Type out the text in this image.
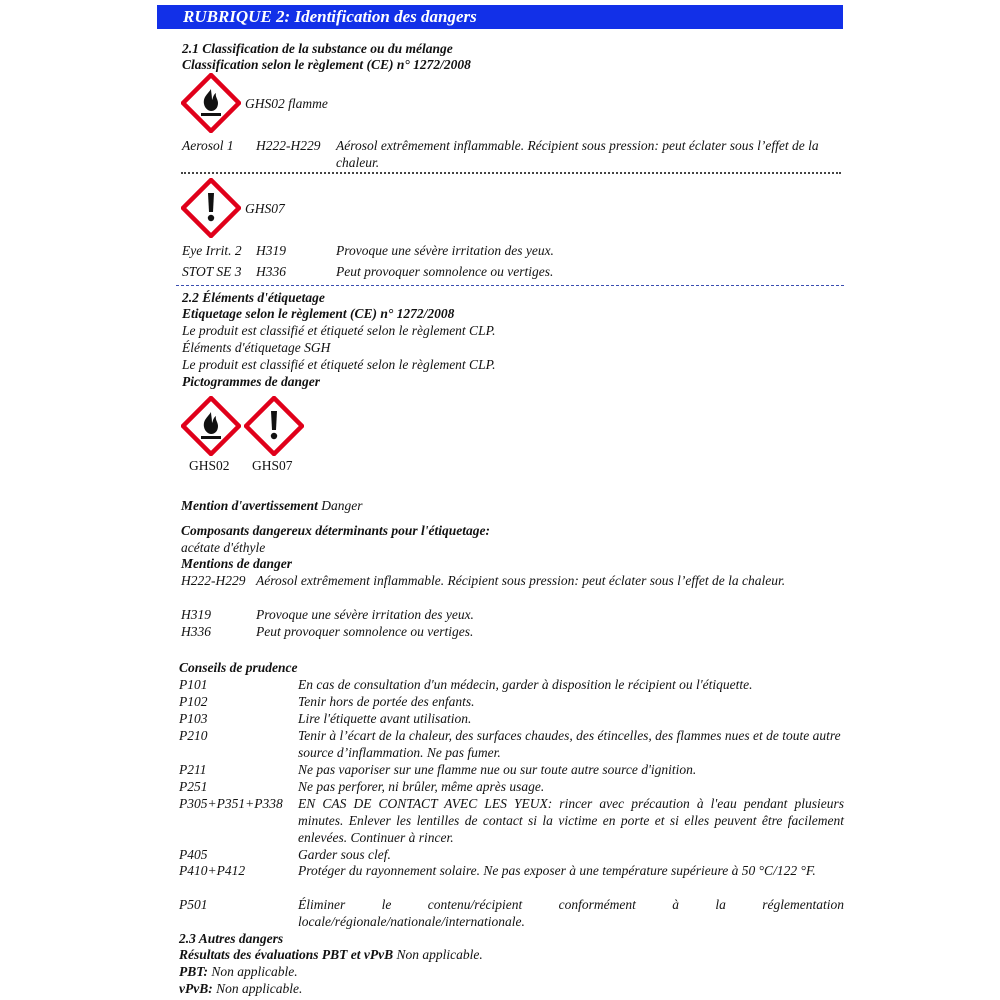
RUBRIQUE 2: Identification des dangers
2.1 Classification de la substance ou du mélange
Classification selon le règlement (CE) n° 1272/2008
GHS02 flamme
Aerosol 1 H222-H229 Aérosol extrêmement inflammable. Récipient sous pression: peut éclater sous l’effet de la chaleur.
GHS07
Eye Irrit. 2 H319	Provoque une sévère irritation des yeux.
STOT SE 3 H336	Peut provoquer somnolence ou vertiges.
2.2 Éléments d'étiquetage
Etiquetage selon le règlement (CE) n° 1272/2008
Le produit est classifié et étiqueté selon le règlement CLP.
Éléments d'étiquetage SGH
Le produit est classifié et étiqueté selon le règlement CLP.
Pictogrammes de danger
GHS02 GHS07
Mention d'avertissement Danger
Composants dangereux déterminants pour l'étiquetage:
acétate d'éthyle
Mentions de danger
H222-H229 Aérosol extrêmement inflammable. Récipient sous pression: peut éclater sous l’effet de la chaleur.
H319	Provoque une sévère irritation des yeux.
H336	Peut provoquer somnolence ou vertiges.
Conseils de prudence
P101	En cas de consultation d'un médecin, garder à disposition le récipient ou l'étiquette.
P102	Tenir hors de portée des enfants.
P103	Lire l'étiquette avant utilisation.
P210	Tenir à l’écart de la chaleur, des surfaces chaudes, des étincelles, des flammes nues et de toute autre source d’inflammation. Ne pas fumer.
P211	Ne pas vaporiser sur une flamme nue ou sur toute autre source d'ignition.
P251	Ne pas perforer, ni brûler, même après usage.
P305+P351+P338 EN CAS DE CONTACT AVEC LES YEUX: rincer avec précaution à l'eau pendant plusieurs minutes. Enlever les lentilles de contact si la victime en porte et si elles peuvent être facilement enlevées. Continuer à rincer.
P405	Garder sous clef.
P410+P412	Protéger du rayonnement solaire. Ne pas exposer à une température supérieure à 50 °C/122 °F.
P501	Éliminer le contenu/récipient conformément à la réglementation locale/régionale/nationale/internationale.
2.3 Autres dangers
Résultats des évaluations PBT et vPvB Non applicable.
PBT: Non applicable.
vPvB: Non applicable.
